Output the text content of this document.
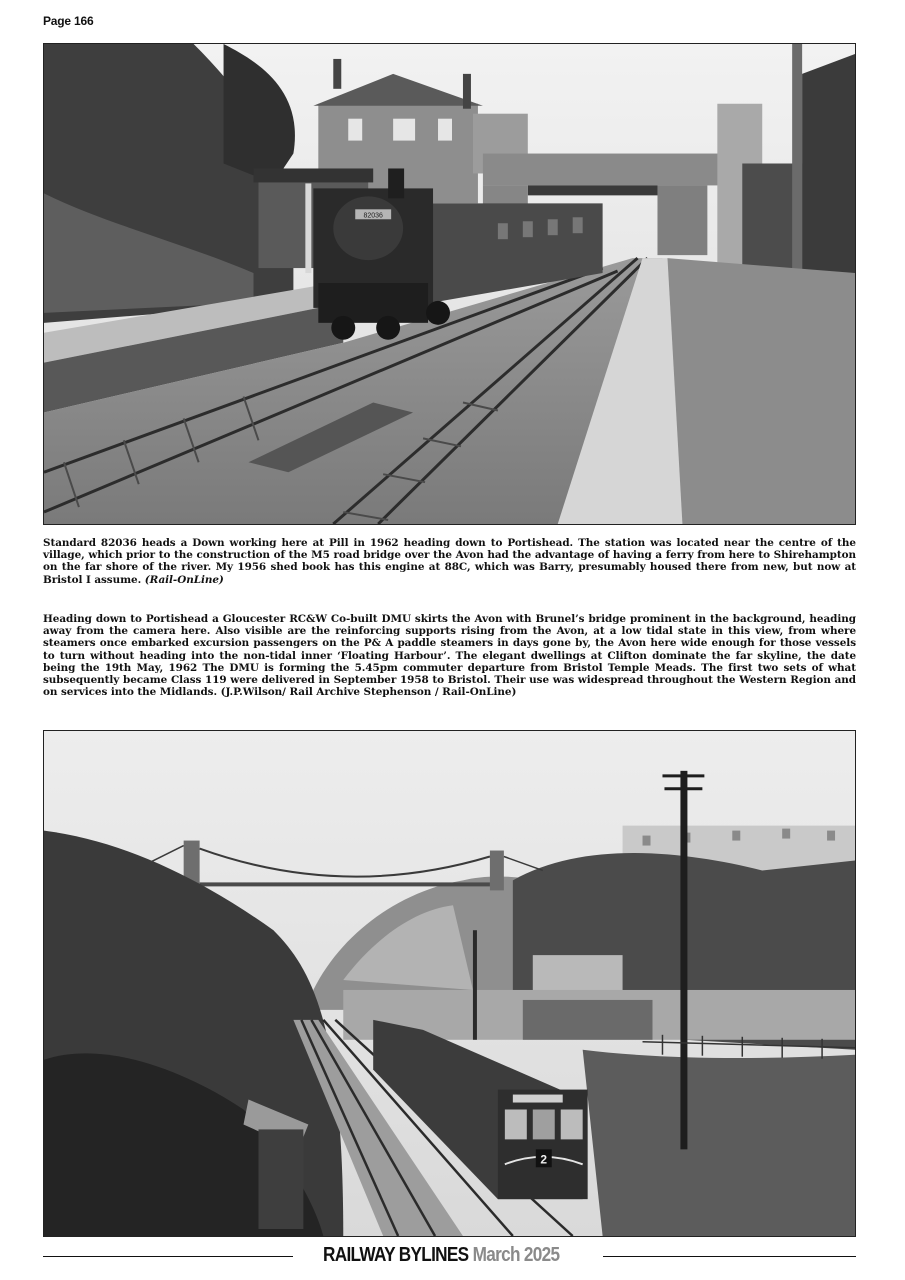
Page 166
82036
Standard 82036 heads a Down working here at Pill in 1962 heading down to Portishead. The station was located near the centre of the village, which prior to the construction of the M5 road bridge over the Avon had the advantage of having a ferry from here to Shirehampton on the far shore of the river. My 1956 shed book has this engine at 88C, which was Barry, presumably housed there from new, but now at Bristol I assume. (Rail-OnLine)
Heading down to Portishead a Gloucester RC&W Co-built DMU skirts the Avon with Brunel’s bridge prominent in the background, heading away from the camera here. Also visible are the reinforcing supports rising from the Avon, at a low tidal state in this view, from where steamers once embarked excursion passengers on the P& A paddle steamers in days gone by, the Avon here wide enough for those vessels to turn without heading into the non-tidal inner ‘Floating Harbour’. The elegant dwellings at Clifton dominate the far skyline, the date being the 19th May, 1962 The DMU is forming the 5.45pm commuter departure from Bristol Temple Meads. The first two sets of what subsequently became Class 119 were delivered in September 1958 to Bristol. Their use was widespread throughout the Western Region and on services into the Midlands. (J.P.Wilson/ Rail Archive Stephenson / Rail-OnLine)
2
RAILWAY BYLINES March 2025
